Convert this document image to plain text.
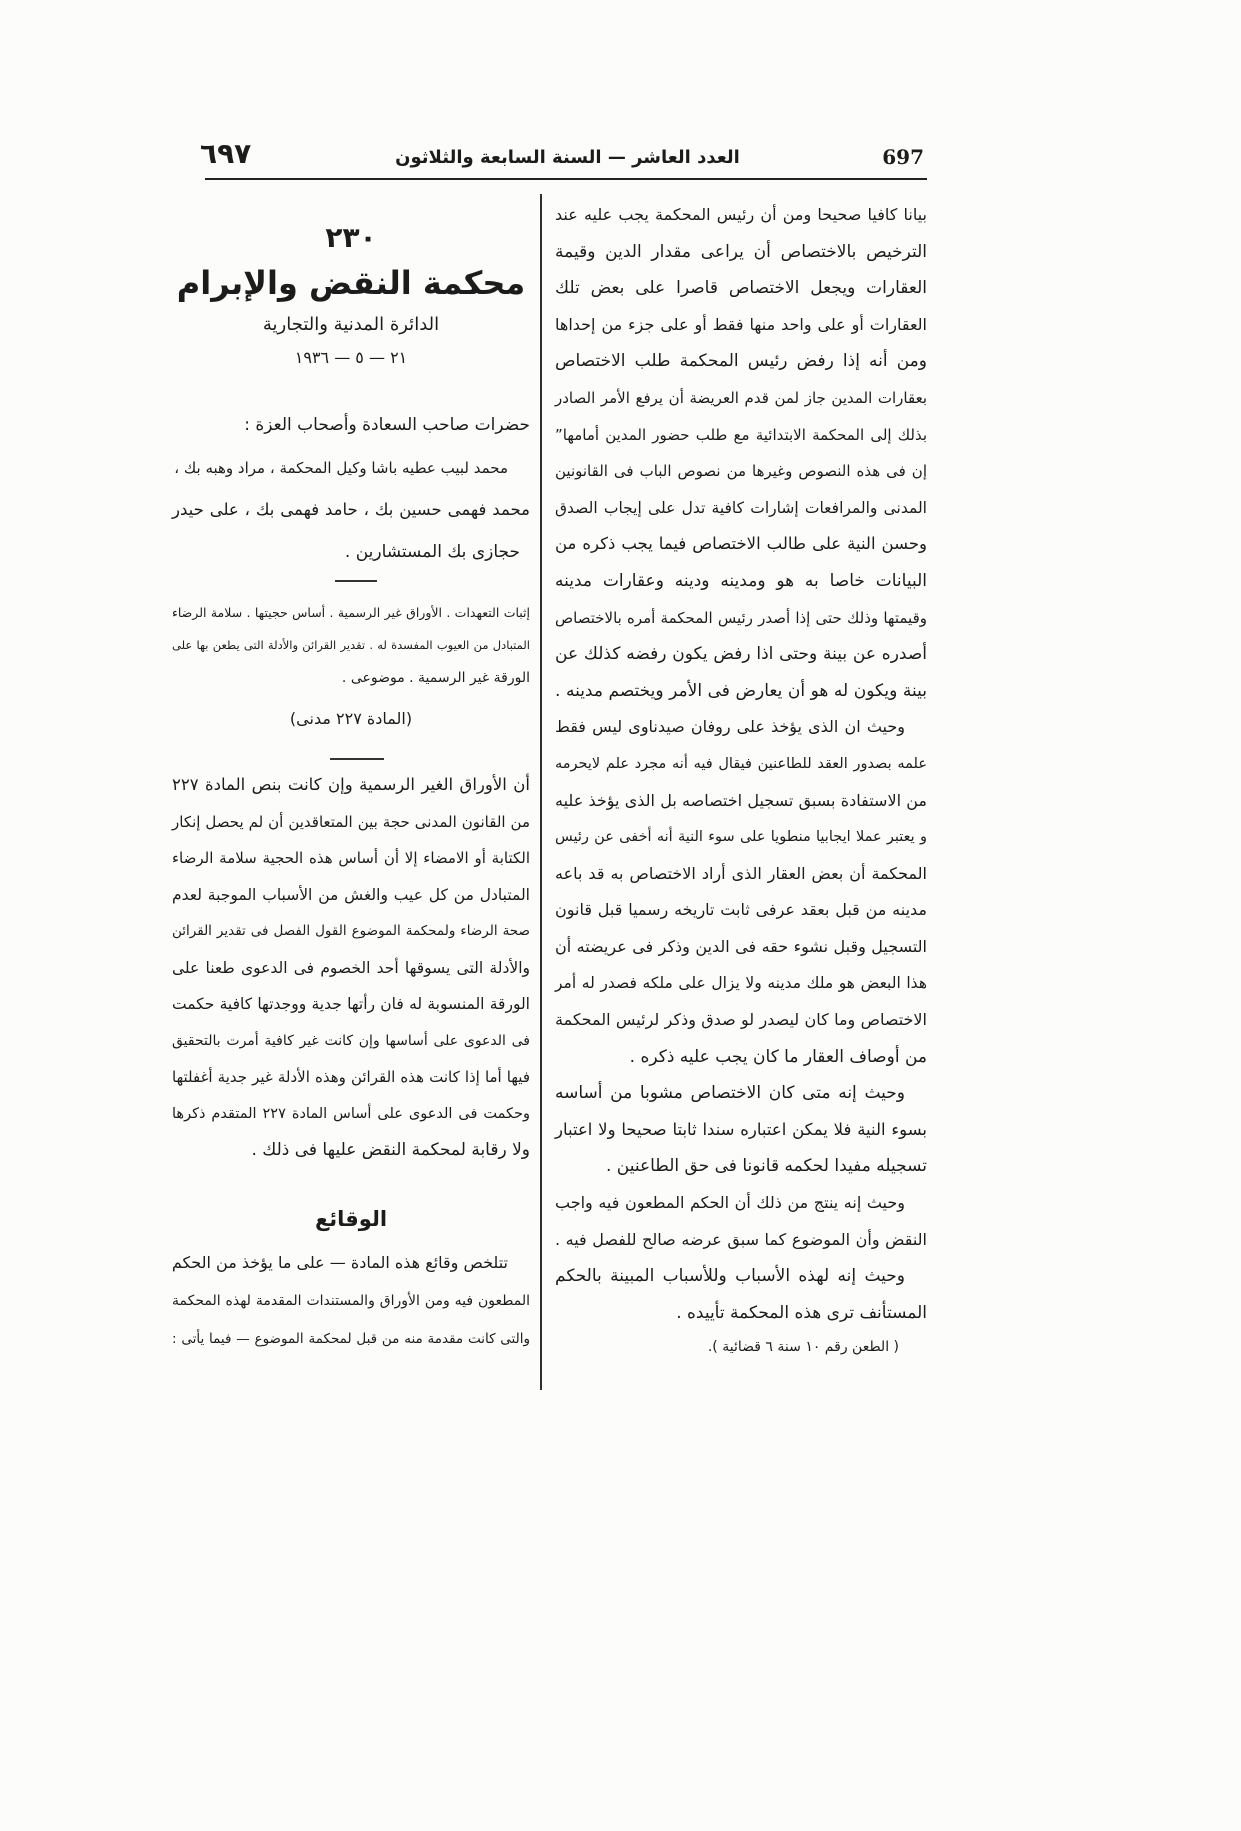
697
العدد العاشر — السنة السابعة والثلاثون
٦٩٧
بيانا كافيا صحيحا ومن أن رئيس المحكمة يجب عليه عند
الترخيص بالاختصاص أن يراعى مقدار الدين وقيمة
العقارات ويجعل الاختصاص قاصرا على بعض تلك
العقارات أو على واحد منها فقط أو على جزء من إحداها
ومن أنه إذا رفض رئيس المحكمة طلب الاختصاص
بعقارات المدين جاز لمن قدم العريضة أن يرفع الأمر الصادر
بذلك إلى المحكمة الابتدائية مع طلب حضور المدين أمامها”
إن فى هذه النصوص وغيرها من نصوص الباب فى القانونين
المدنى والمرافعات إشارات كافية تدل على إيجاب الصدق
وحسن النية على طالب الاختصاص فيما يجب ذكره من
البيانات خاصا به هو ومدينه ودينه وعقارات مدينه
وقيمتها وذلك حتى إذا أصدر رئيس المحكمة أمره بالاختصاص
أصدره عن بينة وحتى اذا رفض يكون رفضه كذلك عن
بينة ويكون له هو أن يعارض فى الأمر ويختصم مدينه .
وحيث ان الذى يؤخذ على روفان صيدناوى ليس فقط
علمه بصدور العقد للطاعنين فيقال فيه أنه مجرد علم لايحرمه
من الاستفادة بسبق تسجيل اختصاصه بل الذى يؤخذ عليه
و يعتبر عملا ايجابيا منطويا على سوء النية أنه أخفى عن رئيس
المحكمة أن بعض العقار الذى أراد الاختصاص به قد باعه
مدينه من قبل بعقد عرفى ثابت تاريخه رسميا قبل قانون
التسجيل وقبل نشوء حقه فى الدين وذكر فى عريضته أن
هذا البعض هو ملك مدينه ولا يزال على ملكه فصدر له أمر
الاختصاص وما كان ليصدر لو صدق وذكر لرئيس المحكمة
من أوصاف العقار ما كان يجب عليه ذكره .
وحيث إنه متى كان الاختصاص مشوبا من أساسه
بسوء النية فلا يمكن اعتباره سندا ثابتا صحيحا ولا اعتبار
تسجيله مفيدا لحكمه قانونا فى حق الطاعنين .
وحيث إنه ينتج من ذلك أن الحكم المطعون فيه واجب
النقض وأن الموضوع كما سبق عرضه صالح للفصل فيه .
وحيث إنه لهذه الأسباب وللأسباب المبينة بالحكم
المستأنف ترى هذه المحكمة تأييده .
( الطعن رقم ١٠ سنة ٦ قضائية ).
٢٣٠
محكمة النقض والإبرام
الدائرة المدنية والتجارية
٢١ — ٥ — ١٩٣٦
حضرات صاحب السعادة وأصحاب العزة :
محمد لبيب عطيه باشا وكيل المحكمة ، مراد وهبه بك ،
محمد فهمى حسين بك ، حامد فهمى بك ، على حيدر
حجازى بك المستشارين .
إثبات التعهدات . الأوراق غير الرسمية . أساس حجيتها . سلامة الرضاء
المتبادل من العيوب المفسدة له . تقدير القرائن والأدلة التى يطعن بها على
الورقة غير الرسمية . موضوعى .
(المادة ٢٢٧ مدنى)
أن الأوراق الغير الرسمية وإن كانت بنص المادة ٢٢٧
من القانون المدنى حجة بين المتعاقدين أن لم يحصل إنكار
الكتابة أو الامضاء إلا أن أساس هذه الحجية سلامة الرضاء
المتبادل من كل عيب والغش من الأسباب الموجبة لعدم
صحة الرضاء ولمحكمة الموضوع القول الفصل فى تقدير القرائن
والأدلة التى يسوقها أحد الخصوم فى الدعوى طعنا على
الورقة المنسوبة له فان رأتها جدية ووجدتها كافية حكمت
فى الدعوى على أساسها وإن كانت غير كافية أمرت بالتحقيق
فيها أما إذا كانت هذه القرائن وهذه الأدلة غير جدية أغفلتها
وحكمت فى الدعوى على أساس المادة ٢٢٧ المتقدم ذكرها
ولا رقابة لمحكمة النقض عليها فى ذلك .
الوقائع
تتلخص وقائع هذه المادة — على ما يؤخذ من الحكم
المطعون فيه ومن الأوراق والمستندات المقدمة لهذه المحكمة
والتى كانت مقدمة منه من قبل لمحكمة الموضوع — فيما يأتى :
